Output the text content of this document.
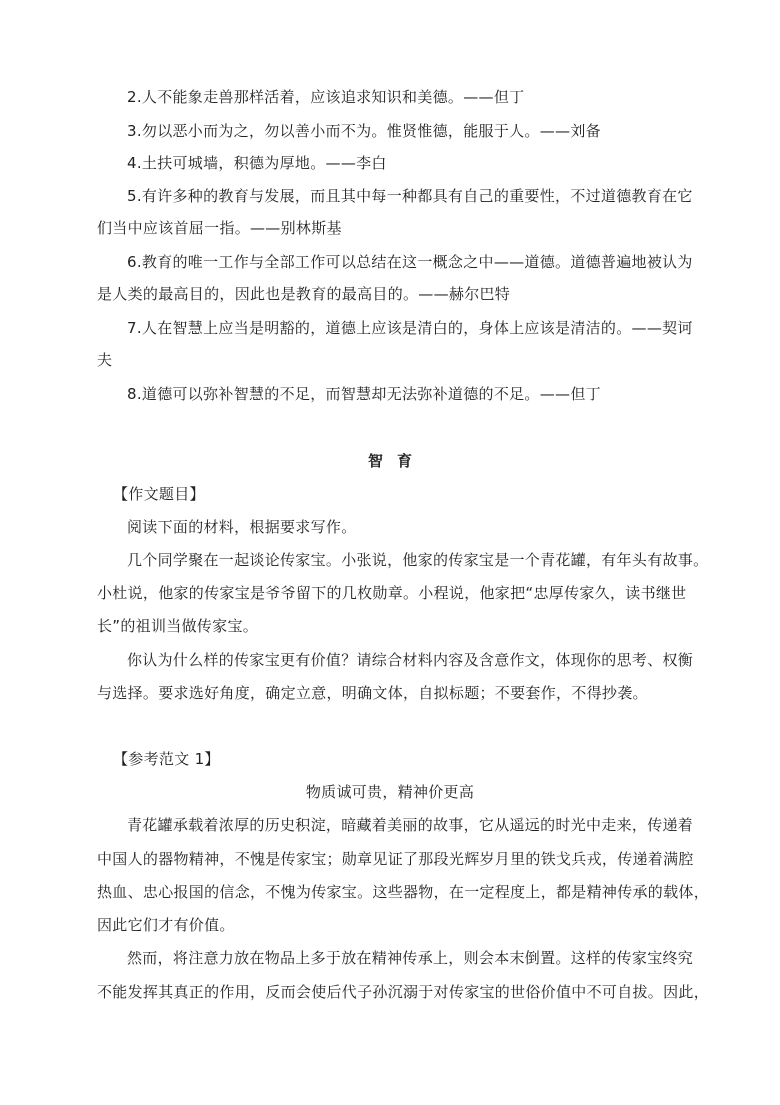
2.人不能象走兽那样活着，应该追求知识和美德。——但丁
3.勿以恶小而为之，勿以善小而不为。惟贤惟德，能服于人。——刘备
4.土扶可城墙，积德为厚地。——李白
5.有许多种的教育与发展，而且其中每一种都具有自己的重要性，不过道德教育在它
们当中应该首屈一指。——别林斯基
6.教育的唯一工作与全部工作可以总结在这一概念之中——道德。道德普遍地被认为
是人类的最高目的，因此也是教育的最高目的。——赫尔巴特
7.人在智慧上应当是明豁的，道德上应该是清白的，身体上应该是清洁的。——契诃
夫
8.道德可以弥补智慧的不足，而智慧却无法弥补道德的不足。——但丁
智育
【作文题目】
阅读下面的材料，根据要求写作。
几个同学聚在一起谈论传家宝。小张说，他家的传家宝是一个青花罐，有年头有故事。
小杜说，他家的传家宝是爷爷留下的几枚勋章。小程说，他家把“忠厚传家久，读书继世
长”的祖训当做传家宝。
你认为什么样的传家宝更有价值？请综合材料内容及含意作文，体现你的思考、权衡
与选择。要求选好角度，确定立意，明确文体，自拟标题；不要套作，不得抄袭。
【参考范文 1】
物质诚可贵，精神价更高
青花罐承载着浓厚的历史积淀，暗藏着美丽的故事，它从遥远的时光中走来，传递着
中国人的器物精神，不愧是传家宝；勋章见证了那段光辉岁月里的铁戈兵戎，传递着满腔
热血、忠心报国的信念，不愧为传家宝。这些器物，在一定程度上，都是精神传承的载体，
因此它们才有价值。
然而，将注意力放在物品上多于放在精神传承上，则会本末倒置。这样的传家宝终究
不能发挥其真正的作用，反而会使后代子孙沉溺于对传家宝的世俗价值中不可自拔。因此，
